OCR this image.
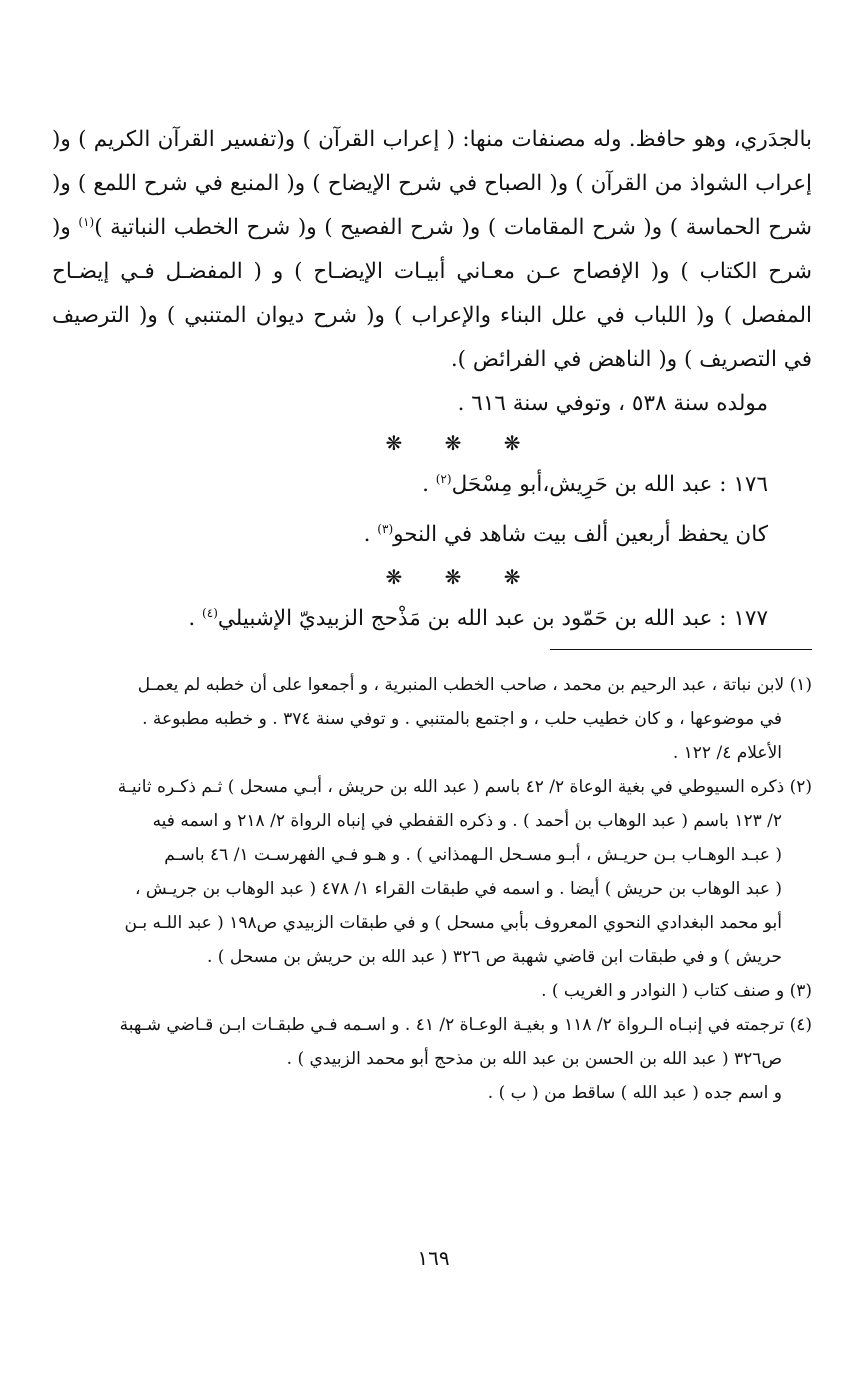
بالجدَري، وهو حافظ. وله مصنفات منها: ( إعراب القرآن ) و(تفسير القرآن الكريم ) و( إعراب الشواذ من القرآن ) و( الصباح في شرح الإيضاح ) و( المنبع في شرح اللمع ) و( شرح الحماسة ) و( شرح المقامات ) و( شرح الفصيح ) و( شرح الخطب النباتية )$^{(١)}$ و( شرح الكتاب ) و( الإفصاح عـن معـاني أبيـات الإيضـاح ) و ( المفضـل فـي إيضـاح المفصل ) و( اللباب في علل البناء والإعراب ) و( شرح ديوان المتنبي ) و( الترصيف في التصريف ) و( الناهض في الفرائض ).

مولده سنة ٥٣٨ ، وتوفي سنة ٦١٦ .

❋ ❋ ❋

١٧٦ : عبد الله بن حَرِيش،أبو مِسْحَل$^{(٢)}$ .

كان يحفظ أربعين ألف بيت شاهد في النحو$^{(٣)}$ .

❋ ❋ ❋

١٧٧ : عبد الله بن حَمّود بن عبد الله بن مَذْحج الزبيديّ الإشبيلي$^{(٤)}$ .

(١) لابن نباتة ، عبد الرحيم بن محمد ، صاحب الخطب المنبرية ، و أجمعوا على أن خطبه لم يعمـل
في موضوعها ، و كان خطيب حلب ، و اجتمع بالمتنبي . و توفي سنة ٣٧٤ . و خطبه مطبوعة .
الأعلام ٤/ ١٢٢ .

(٢) ذكره السيوطي في بغية الوعاة ٢/ ٤٢ باسم ( عبد الله بن حريش ، أبـي مسحل ) ثـم ذكـره ثانيـة
٢/ ١٢٣ باسم ( عبد الوهاب بن أحمد ) . و ذكره القفطي في إنباه الرواة ٢/ ٢١٨ و اسمه فيه
( عبـد الوهـاب بـن حريـش ، أبـو مسـحل الـهمذاني ) . و هـو فـي الفهرسـت ١/ ٤٦ باسـم
( عبد الوهاب بن حريش ) أيضا . و اسمه في طبقات القراء ١/ ٤٧٨ ( عبد الوهاب بن جريـش ،
أبو محمد البغدادي النحوي المعروف بأبي مسحل ) و في طبقات الزبيدي ص١٩٨ ( عبد اللـه بـن
حريش ) و في طبقات ابن قاضي شهبة ص ٣٢٦ ( عبد الله بن حريش بن مسحل ) .

(٣) و صنف كتاب ( النوادر و الغريب ) .

(٤) ترجمته في إنبـاه الـرواة ٢/ ١١٨ و بغيـة الوعـاة ٢/ ٤١ . و اسـمه فـي طبقـات ابـن قـاضي شـهبة
ص٣٢٦ ( عبد الله بن الحسن بن عبد الله بن مذحج أبو محمد الزبيدي ) .
و اسم جده ( عبد الله ) ساقط من ( ب ) .

١٦٩
